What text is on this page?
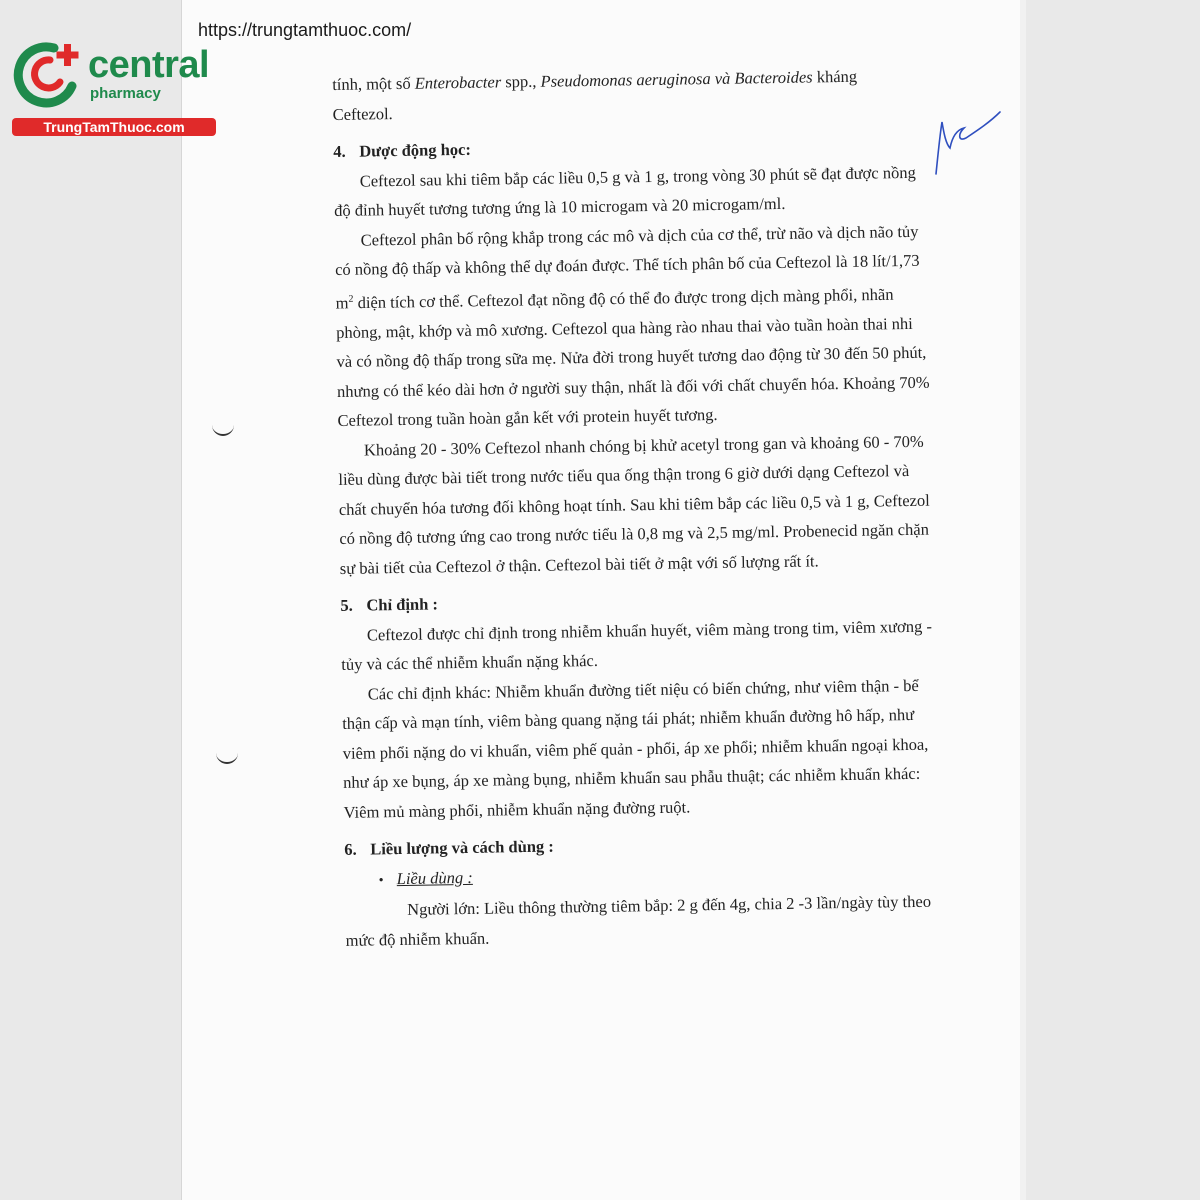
https://trungtamthuoc.com/
central
pharmacy
TrungTamThuoc.com

tính, một số Enterobacter spp., Pseudomonas aeruginosa và Bacteroides kháng

Ceftezol.

4. Dược động học:

Ceftezol sau khi tiêm bắp các liều 0,5 g và 1 g, trong vòng 30 phút sẽ đạt được nồng độ đỉnh huyết tương tương ứng là 10 microgam và 20 microgam/ml.

Ceftezol phân bố rộng khắp trong các mô và dịch của cơ thể, trừ não và dịch não tủy có nồng độ thấp và không thể dự đoán được. Thể tích phân bố của Ceftezol là 18 lít/1,73 $m^2$ diện tích cơ thể. Ceftezol đạt nồng độ có thể đo được trong dịch màng phổi, nhãn phòng, mật, khớp và mô xương. Ceftezol qua hàng rào nhau thai vào tuần hoàn thai nhi và có nồng độ thấp trong sữa mẹ. Nửa đời trong huyết tương dao động từ 30 đến 50 phút, nhưng có thể kéo dài hơn ở người suy thận, nhất là đối với chất chuyển hóa. Khoảng 70% Ceftezol trong tuần hoàn gắn kết với protein huyết tương.

Khoảng 20 - 30% Ceftezol nhanh chóng bị khử acetyl trong gan và khoảng 60 - 70% liều dùng được bài tiết trong nước tiểu qua ống thận trong 6 giờ dưới dạng Ceftezol và chất chuyển hóa tương đối không hoạt tính. Sau khi tiêm bắp các liều 0,5 và 1 g, Ceftezol có nồng độ tương ứng cao trong nước tiểu là 0,8 mg và 2,5 mg/ml. Probenecid ngăn chặn sự bài tiết của Ceftezol ở thận. Ceftezol bài tiết ở mật với số lượng rất ít.

5. Chỉ định :

Ceftezol được chỉ định trong nhiễm khuẩn huyết, viêm màng trong tim, viêm xương - tủy và các thể nhiễm khuẩn nặng khác.

Các chỉ định khác: Nhiễm khuẩn đường tiết niệu có biến chứng, như viêm thận - bể thận cấp và mạn tính, viêm bàng quang nặng tái phát; nhiễm khuẩn đường hô hấp, như viêm phổi nặng do vi khuẩn, viêm phế quản - phổi, áp xe phổi; nhiễm khuẩn ngoại khoa, như áp xe bụng, áp xe màng bụng, nhiễm khuẩn sau phẫu thuật; các nhiễm khuẩn khác: Viêm mủ màng phổi, nhiễm khuẩn nặng đường ruột.

6. Liều lượng và cách dùng :

• Liều dùng :

Người lớn: Liều thông thường tiêm bắp: 2 g đến 4g, chia 2 -3 lần/ngày tùy theo mức độ nhiễm khuẩn.
